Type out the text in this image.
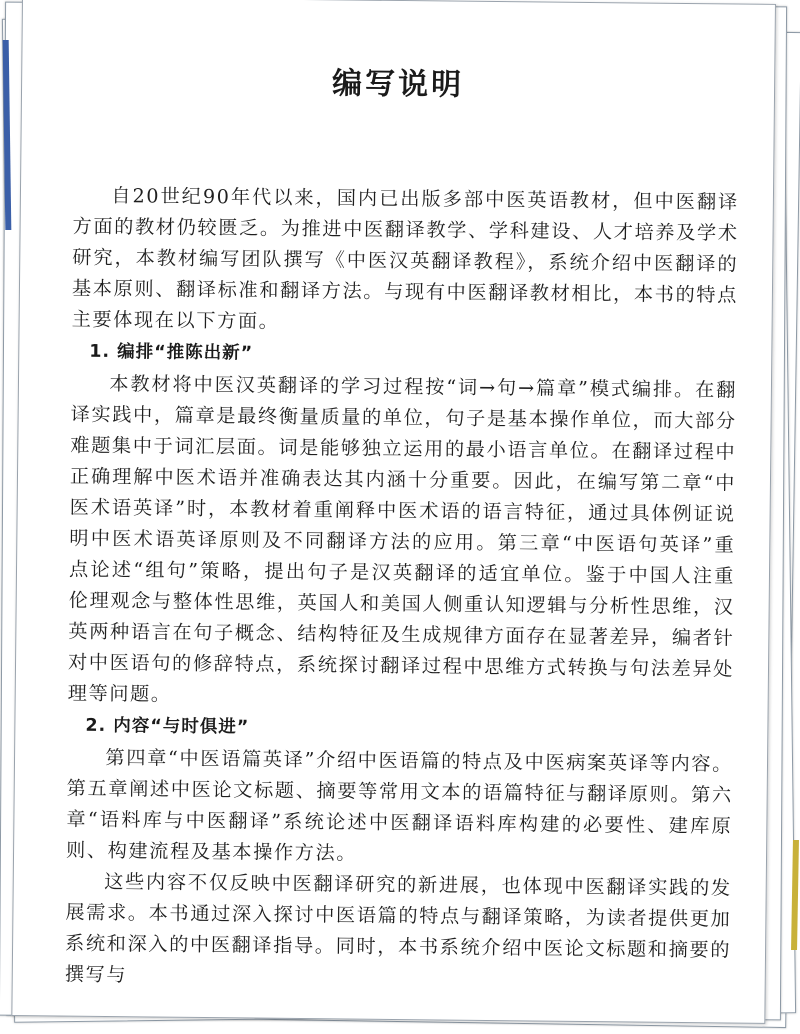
编写说明

自20世纪90年代以来，国内已出版多部中医英语教材，但中医翻译方面的教材仍较匮乏。为推进中医翻译教学、学科建设、人才培养及学术研究，本教材编写团队撰写《中医汉英翻译教程》，系统介绍中医翻译的基本原则、翻译标准和翻译方法。与现有中医翻译教材相比，本书的特点主要体现在以下方面。

1. 编排“推陈出新”

本教材将中医汉英翻译的学习过程按“词→句→篇章”模式编排。在翻译实践中，篇章是最终衡量质量的单位，句子是基本操作单位，而大部分难题集中于词汇层面。词是能够独立运用的最小语言单位。在翻译过程中正确理解中医术语并准确表达其内涵十分重要。因此，在编写第二章“中医术语英译”时，本教材着重阐释中医术语的语言特征，通过具体例证说明中医术语英译原则及不同翻译方法的应用。第三章“中医语句英译”重点论述“组句”策略，提出句子是汉英翻译的适宜单位。鉴于中国人注重伦理观念与整体性思维，英国人和美国人侧重认知逻辑与分析性思维，汉英两种语言在句子概念、结构特征及生成规律方面存在显著差异，编者针对中医语句的修辞特点，系统探讨翻译过程中思维方式转换与句法差异处理等问题。

2. 内容“与时俱进”

第四章“中医语篇英译”介绍中医语篇的特点及中医病案英译等内容。第五章阐述中医论文标题、摘要等常用文本的语篇特征与翻译原则。第六章“语料库与中医翻译”系统论述中医翻译语料库构建的必要性、建库原则、构建流程及基本操作方法。

这些内容不仅反映中医翻译研究的新进展，也体现中医翻译实践的发展需求。本书通过深入探讨中医语篇的特点与翻译策略，为读者提供更加系统和深入的中医翻译指导。同时，本书系统介绍中医论文标题和摘要的撰写与
